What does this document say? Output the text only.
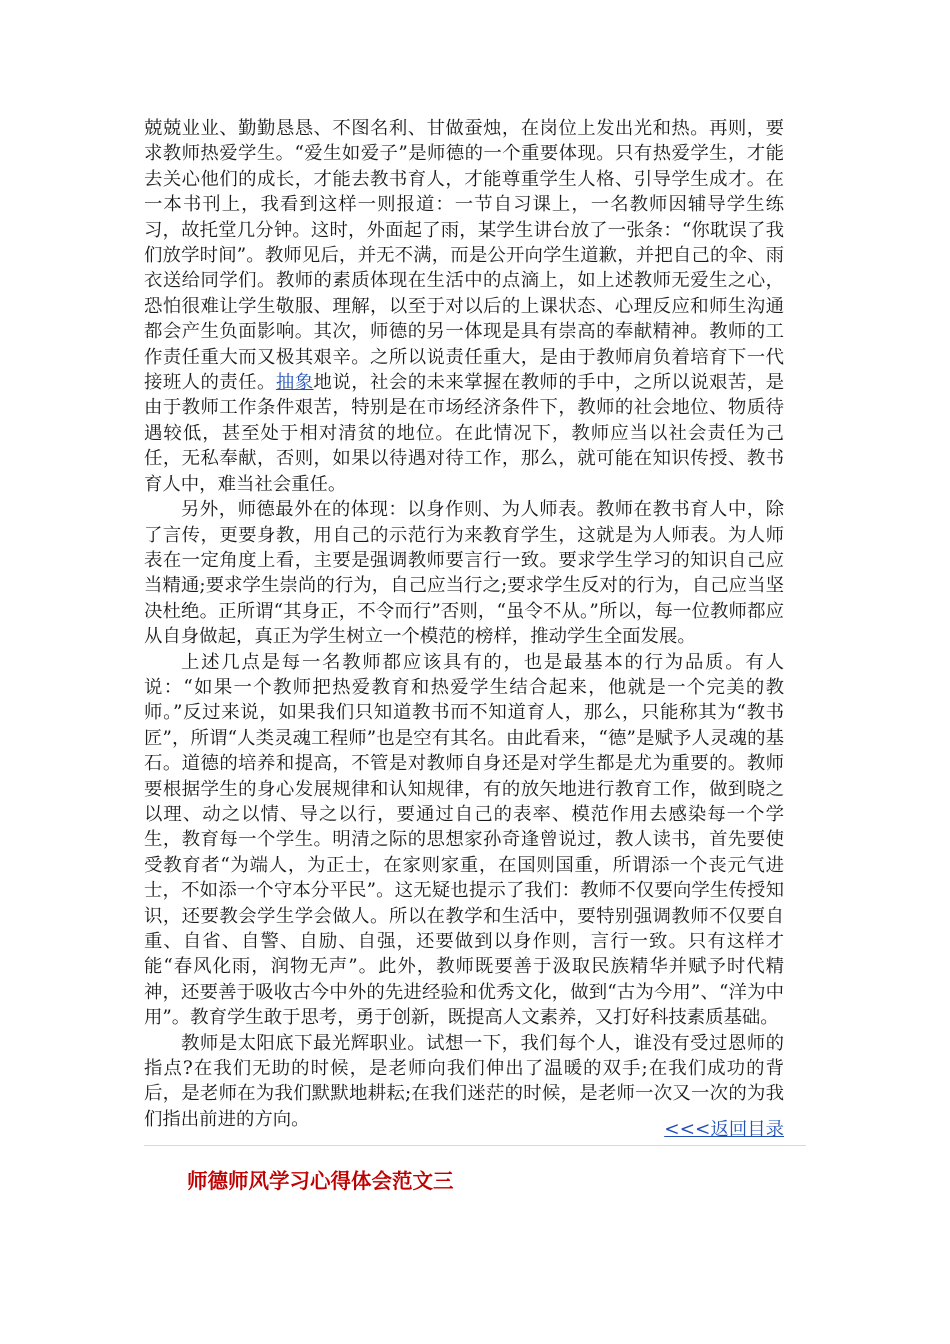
兢兢业业、勤勤恳恳、不图名利、甘做蚕烛，在岗位上发出光和热。再则，要求教师热爱学生。“爱生如爱子”是师德的一个重要体现。只有热爱学生，才能去关心他们的成长，才能去教书育人，才能尊重学生人格、引导学生成才。在一本书刊上，我看到这样一则报道：一节自习课上，一名教师因辅导学生练习，故托堂几分钟。这时，外面起了雨，某学生讲台放了一张条：“你耽误了我们放学时间”。教师见后，并无不满，而是公开向学生道歉，并把自己的伞、雨衣送给同学们。教师的素质体现在生活中的点滴上，如上述教师无爱生之心，恐怕很难让学生敬服、理解，以至于对以后的上课状态、心理反应和师生沟通都会产生负面影响。其次，师德的另一体现是具有崇高的奉献精神。教师的工作责任重大而又极其艰辛。之所以说责任重大，是由于教师肩负着培育下一代接班人的责任。抽象地说，社会的未来掌握在教师的手中，之所以说艰苦，是由于教师工作条件艰苦，特别是在市场经济条件下，教师的社会地位、物质待遇较低，甚至处于相对清贫的地位。在此情况下，教师应当以社会责任为己任，无私奉献，否则，如果以待遇对待工作，那么，就可能在知识传授、教书育人中，难当社会重任。

另外，师德最外在的体现：以身作则、为人师表。教师在教书育人中，除了言传，更要身教，用自己的示范行为来教育学生，这就是为人师表。为人师表在一定角度上看，主要是强调教师要言行一致。要求学生学习的知识自己应当精通;要求学生崇尚的行为，自己应当行之;要求学生反对的行为，自己应当坚决杜绝。正所谓“其身正，不令而行”否则，“虽令不从。”所以，每一位教师都应从自身做起，真正为学生树立一个模范的榜样，推动学生全面发展。

上述几点是每一名教师都应该具有的，也是最基本的行为品质。有人说：“如果一个教师把热爱教育和热爱学生结合起来，他就是一个完美的教师。”反过来说，如果我们只知道教书而不知道育人，那么，只能称其为“教书匠”，所谓“人类灵魂工程师”也是空有其名。由此看来，“德”是赋予人灵魂的基石。道德的培养和提高，不管是对教师自身还是对学生都是尤为重要的。教师要根据学生的身心发展规律和认知规律，有的放矢地进行教育工作，做到晓之以理、动之以情、导之以行，要通过自己的表率、模范作用去感染每一个学生，教育每一个学生。明清之际的思想家孙奇逢曾说过，教人读书，首先要使受教育者“为端人，为正士，在家则家重，在国则国重，所谓添一个丧元气进士，不如添一个守本分平民”。这无疑也提示了我们：教师不仅要向学生传授知识，还要教会学生学会做人。所以在教学和生活中，要特别强调教师不仅要自重、自省、自警、自励、自强，还要做到以身作则，言行一致。只有这样才能“春风化雨，润物无声”。此外，教师既要善于汲取民族精华并赋予时代精神，还要善于吸收古今中外的先进经验和优秀文化，做到“古为今用”、“洋为中用”。教育学生敢于思考，勇于创新，既提高人文素养，又打好科技素质基础。

教师是太阳底下最光辉职业。试想一下，我们每个人，谁没有受过恩师的指点?在我们无助的时候，是老师向我们伸出了温暖的双手;在我们成功的背后，是老师在为我们默默地耕耘;在我们迷茫的时候，是老师一次又一次的为我们指出前进的方向。	<<<返回目录
师德师风学习心得体会范文三
